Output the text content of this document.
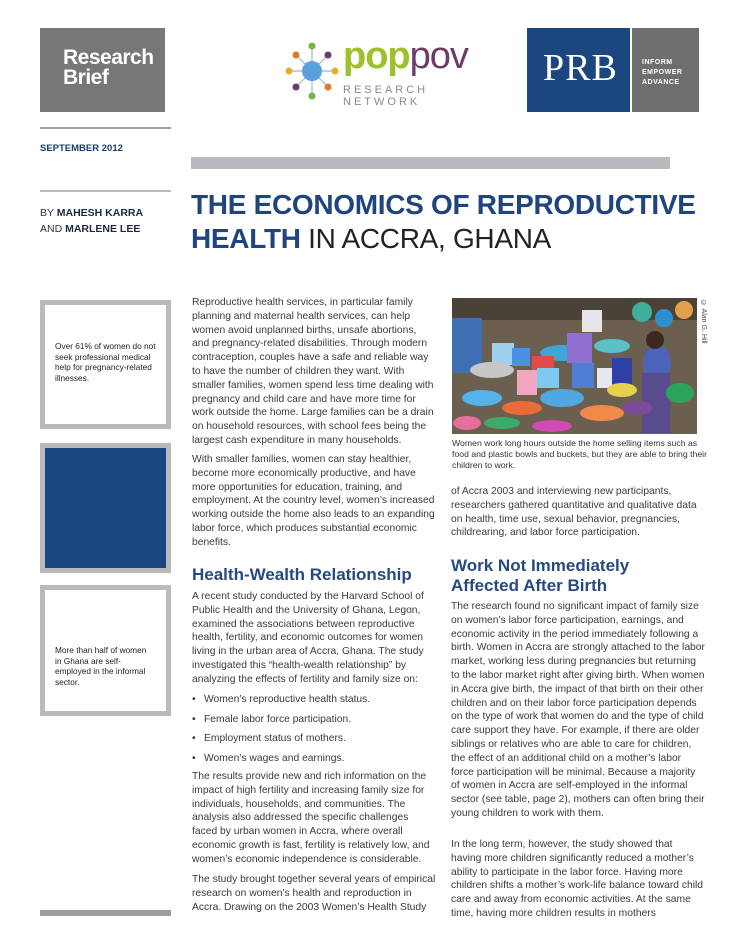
Research
Brief
poppov
RESEARCH NETWORK
PRB	INFORM
EMPOWER
ADVANCE
SEPTEMBER 2012
BY MAHESH KARRA
AND MARLENE LEE
Over 61% of women do not seek professional medical help for pregnancy-related illnesses.
More than half of women in Ghana are self-employed in the informal sector.
THE ECONOMICS OF REPRODUCTIVE
HEALTH IN ACCRA, GHANA
Reproductive health services, in particular family planning and maternal health services, can help women avoid unplanned births, unsafe abortions, and pregnancy-related disabilities. Through modern contraception, couples have a safe and reliable way to have the number of children they want. With smaller families, women spend less time dealing with pregnancy and child care and have more time for work outside the home. Large families can be a drain on household resources, with school fees being the largest cash expenditure in many households.
With smaller families, women can stay healthier, become more economically productive, and have more opportunities for education, training, and employment. At the country level, women’s increased working outside the home also leads to an expanding labor force, which produces substantial economic benefits.
Health-Wealth Relationship
A recent study conducted by the Harvard School of Public Health and the University of Ghana, Legon, examined the associations between reproductive health, fertility, and economic outcomes for women living in the urban area of Accra, Ghana. The study investigated this “health-wealth relationship” by analyzing the effects of fertility and family size on:
• Women’s reproductive health status.
• Female labor force participation.
• Employment status of mothers.
• Women’s wages and earnings.
The results provide new and rich information on the impact of high fertility and increasing family size for individuals, households, and communities. The analysis also addressed the specific challenges faced by urban women in Accra, where overall economic growth is fast, fertility is relatively low, and women’s economic independence is considerable.
The study brought together several years of empirical research on women’s health and reproduction in Accra. Drawing on the 2003 Women’s Health Study
© Alan G. Hill
Women work long hours outside the home selling items such as food and plastic bowls and buckets, but they are able to bring their children to work.
of Accra 2003 and interviewing new participants, researchers gathered quantitative and qualitative data on health, time use, sexual behavior, pregnancies, childrearing, and labor force participation.
Work Not Immediately Affected After Birth
The research found no significant impact of family size on women’s labor force participation, earnings, and economic activity in the period immediately following a birth. Women in Accra are strongly attached to the labor market, working less during pregnancies but returning to the labor market right after giving birth. When women in Accra give birth, the impact of that birth on their other children and on their labor force participation depends on the type of work that women do and the type of child care support they have. For example, if there are older siblings or relatives who are able to care for children, the effect of an additional child on a mother’s labor force participation will be minimal. Because a majority of women in Accra are self-employed in the informal sector (see table, page 2), mothers can often bring their young children to work with them.
In the long term, however, the study showed that having more children significantly reduced a mother’s ability to participate in the labor force. Having more children shifts a mother’s work-life balance toward child care and away from economic activities. At the same time, having more children results in mothers
